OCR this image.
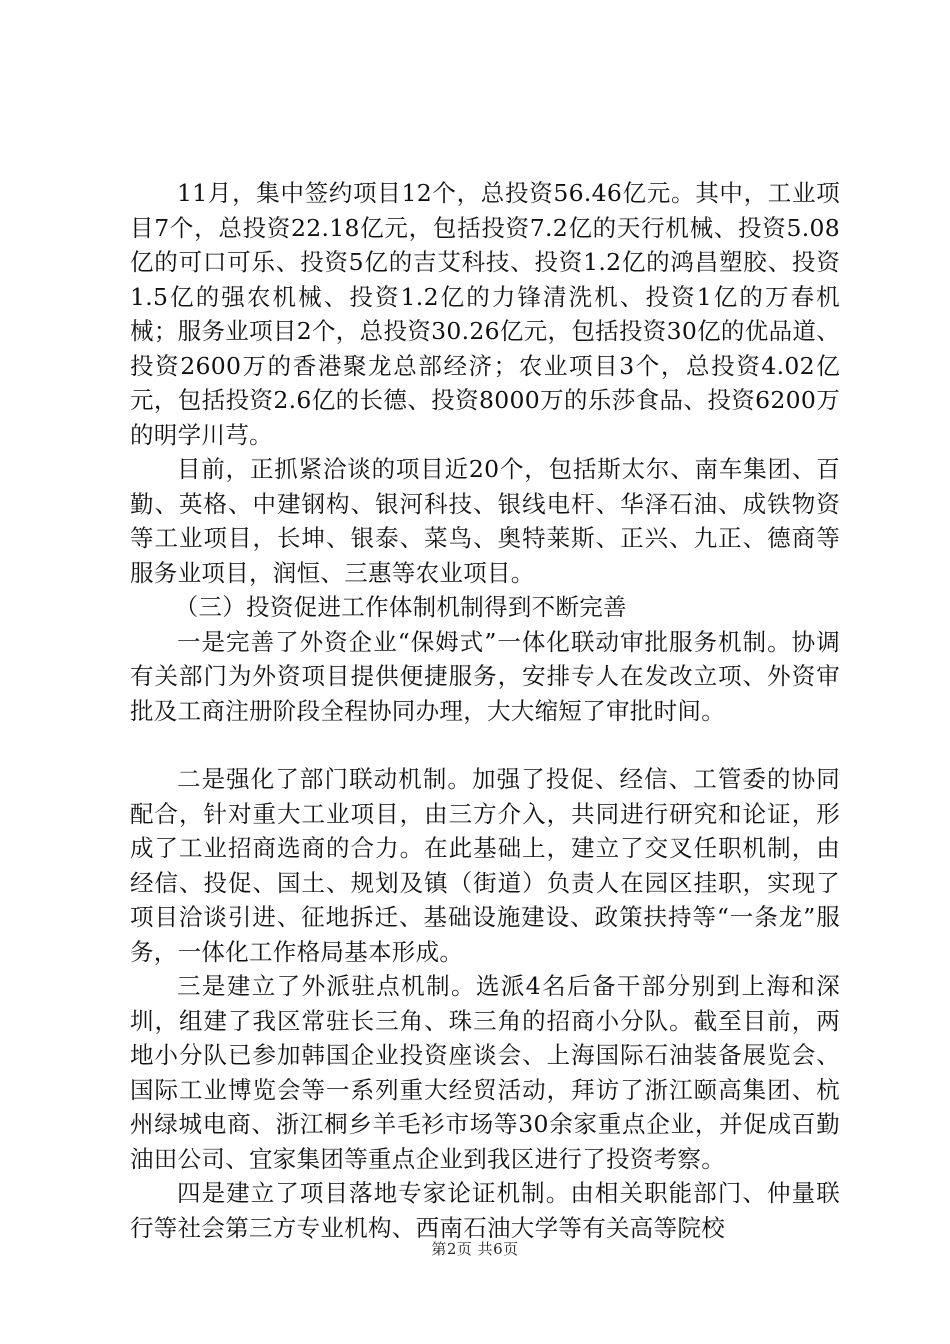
11月，集中签约项目12个，总投资56.46亿元。其中，工业项目7个，总投资22.18亿元，包括投资7.2亿的天行机械、投资5.08亿的可口可乐、投资5亿的吉艾科技、投资1.2亿的鸿昌塑胶、投资1.5亿的强农机械、投资1.2亿的力锋清洗机、投资1亿的万春机械；服务业项目2个，总投资30.26亿元，包括投资30亿的优品道、投资2600万的香港聚龙总部经济；农业项目3个，总投资4.02亿元，包括投资2.6亿的长德、投资8000万的乐莎食品、投资6200万的明学川芎。

目前，正抓紧洽谈的项目近20个，包括斯太尔、南车集团、百勤、英格、中建钢构、银河科技、银线电杆、华泽石油、成铁物资等工业项目，长坤、银泰、菜鸟、奥特莱斯、正兴、九正、德商等服务业项目，润恒、三惠等农业项目。

（三）投资促进工作体制机制得到不断完善

一是完善了外资企业“保姆式”一体化联动审批服务机制。协调有关部门为外资项目提供便捷服务，安排专人在发改立项、外资审批及工商注册阶段全程协同办理，大大缩短了审批时间。

二是强化了部门联动机制。加强了投促、经信、工管委的协同配合，针对重大工业项目，由三方介入，共同进行研究和论证，形成了工业招商选商的合力。在此基础上，建立了交叉任职机制，由经信、投促、国土、规划及镇（街道）负责人在园区挂职，实现了项目洽谈引进、征地拆迁、基础设施建设、政策扶持等“一条龙”服务，一体化工作格局基本形成。

三是建立了外派驻点机制。选派4名后备干部分别到上海和深圳，组建了我区常驻长三角、珠三角的招商小分队。截至目前，两地小分队已参加韩国企业投资座谈会、上海国际石油装备展览会、国际工业博览会等一系列重大经贸活动，拜访了浙江颐高集团、杭州绿城电商、浙江桐乡羊毛衫市场等30余家重点企业，并促成百勤油田公司、宜家集团等重点企业到我区进行了投资考察。

四是建立了项目落地专家论证机制。由相关职能部门、仲量联行等社会第三方专业机构、西南石油大学等有关高等院校

第2页 共6页
